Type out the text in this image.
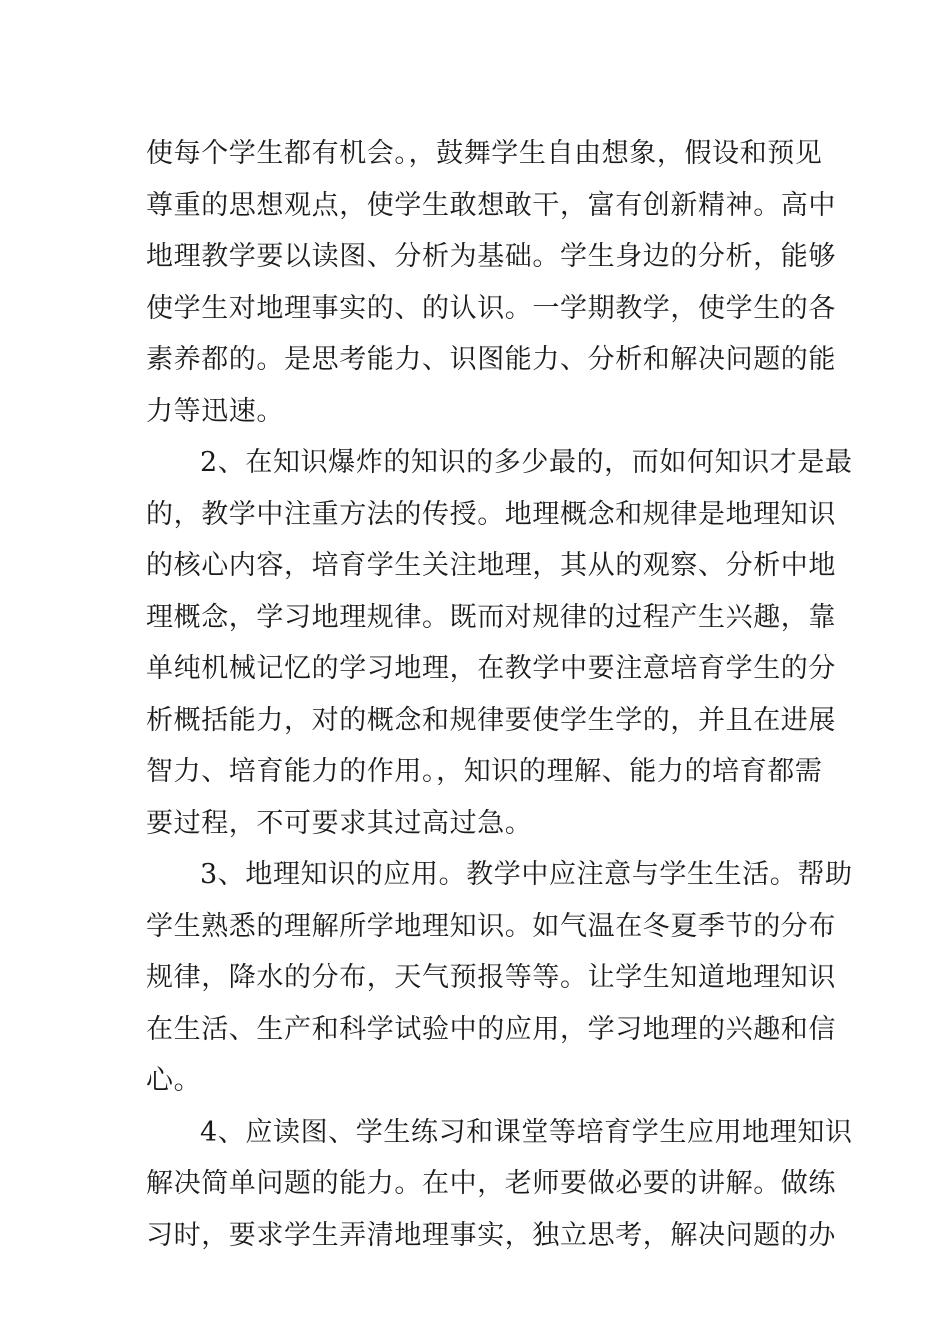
使每个学生都有机会。，鼓舞学生自由想象，假设和预见
尊重的思想观点，使学生敢想敢干，富有创新精神。高中
地理教学要以读图、分析为基础。学生身边的分析，能够
使学生对地理事实的、的认识。一学期教学，使学生的各
素养都的。是思考能力、识图能力、分析和解决问题的能
力等迅速。
2、在知识爆炸的知识的多少最的，而如何知识才是最
的，教学中注重方法的传授。地理概念和规律是地理知识
的核心内容，培育学生关注地理，其从的观察、分析中地
理概念，学习地理规律。既而对规律的过程产生兴趣，靠
单纯机械记忆的学习地理，在教学中要注意培育学生的分
析概括能力，对的概念和规律要使学生学的，并且在进展
智力、培育能力的作用。，知识的理解、能力的培育都需
要过程，不可要求其过高过急。
3、地理知识的应用。教学中应注意与学生生活。帮助
学生熟悉的理解所学地理知识。如气温在冬夏季节的分布
规律，降水的分布，天气预报等等。让学生知道地理知识
在生活、生产和科学试验中的应用，学习地理的兴趣和信
心。
4、应读图、学生练习和课堂等培育学生应用地理知识
解决简单问题的能力。在中，老师要做必要的讲解。做练
习时，要求学生弄清地理事实，独立思考，解决问题的办
